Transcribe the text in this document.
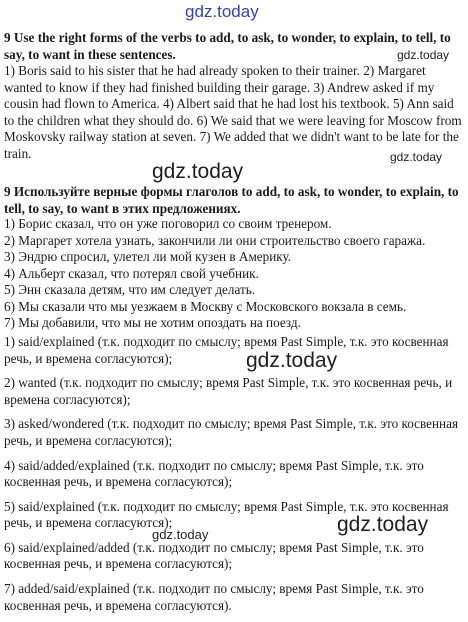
9 Use the right forms of the verbs to add, to ask, to wonder, to explain, to tell, to say, to want in these sentences.

1) Boris said to his sister that he had already spoken to their trainer. 2) Margaret wanted to know if they had finished building their garage. 3) Andrew asked if my cousin had flown to America. 4) Albert said that he had lost his textbook. 5) Ann said to the children what they should do. 6) We said that we were leaving for Moscow from Moskovsky railway station at seven. 7) We added that we didn't want to be late for the train.

9 Используйте верные формы глаголов to add, to ask, to wonder, to explain, to tell, to say, to want в этих предложениях.

1) Борис сказал, что он уже поговорил со своим тренером.

2) Маргарет хотела узнать, закончили ли они строительство своего гаража.

3) Эндрю спросил, улетел ли мой кузен в Америку.

4) Альберт сказал, что потерял свой учебник.

5) Энн сказала детям, что им следует делать.

6) Мы сказали что мы уезжаем в Москву с Московского вокзала в семь.

7) Мы добавили, что мы не хотим опоздать на поезд.

1) said/explained (т.к. подходит по смыслу; время Past Simple, т.к. это косвенная речь, и времена согласуются);

2) wanted (т.к. подходит по смыслу; время Past Simple, т.к. это косвенная речь, и времена согласуются);

3) asked/wondered (т.к. подходит по смыслу; время Past Simple, т.к. это косвенная речь, и времена согласуются);

4) said/added/explained (т.к. подходит по смыслу; время Past Simple, т.к. это косвенная речь, и времена согласуются);

5) said/explained (т.к. подходит по смыслу; время Past Simple, т.к. это косвенная речь, и времена согласуются);

6) said/explained/added (т.к. подходит по смыслу; время Past Simple, т.к. это косвенная речь, и времена согласуются);

7) added/said/explained (т.к. подходит по смыслу; время Past Simple, т.к. это косвенная речь, и времена согласуются).

gdz.today
gdz.today
gdz.today
gdz.today
gdz.today
gdz.today
gdz.today
